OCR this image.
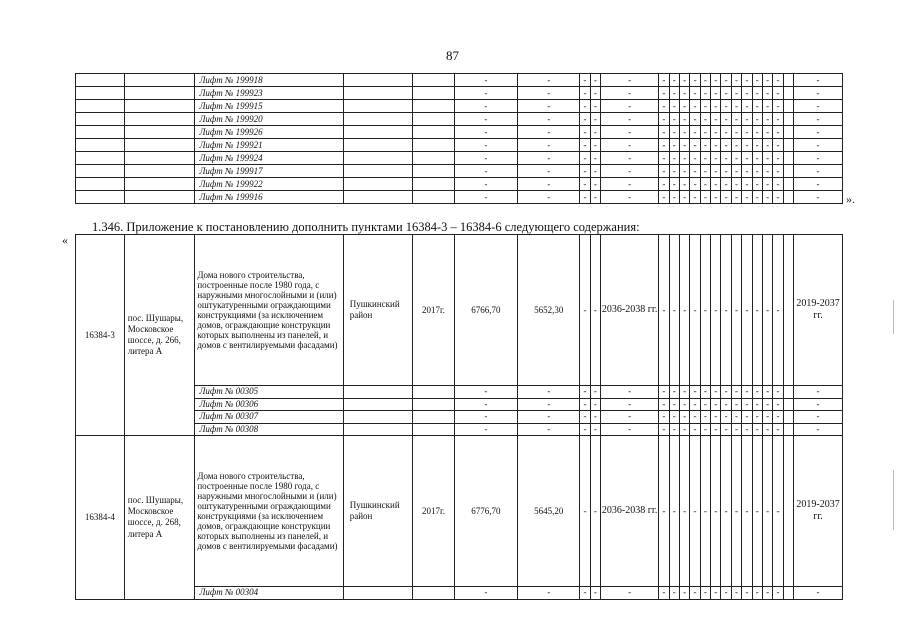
87
		Лифт № 199918			-	-	-	-	-	-	-	-	-	-	-	-	-	-	-	-	-		-
		Лифт № 199923			-	-	-	-	-	-	-	-	-	-	-	-	-	-	-	-	-		-
		Лифт № 199915			-	-	-	-	-	-	-	-	-	-	-	-	-	-	-	-	-		-
		Лифт № 199920			-	-	-	-	-	-	-	-	-	-	-	-	-	-	-	-	-		-
		Лифт № 199926			-	-	-	-	-	-	-	-	-	-	-	-	-	-	-	-	-		-
		Лифт № 199921			-	-	-	-	-	-	-	-	-	-	-	-	-	-	-	-	-		-
		Лифт № 199924			-	-	-	-	-	-	-	-	-	-	-	-	-	-	-	-	-		-
		Лифт № 199917			-	-	-	-	-	-	-	-	-	-	-	-	-	-	-	-	-		-
		Лифт № 199922			-	-	-	-	-	-	-	-	-	-	-	-	-	-	-	-	-		-
		Лифт № 199916			-	-	-	-	-	-	-	-	-	-	-	-	-	-	-	-	-		- ».
1.346. Приложение к постановлению дополнить пунктами 16384-3 – 16384-6 следующего содержания:
«
16384-3	пос. Шушары, Московское шоссе, д. 266, литера А	Дома нового строительства, построенные после 1980 года, с наружными многослойными и (или) оштукатуренными ограждающими конструкциями (за исключением домов, ограждающие конструкции которых выполнены из панелей, и домов с вентилируемыми фасадами)	Пушкинский район	2017г.	6766,70	5652,30	-	-	2036-2038 гг.	-	-	-	-	-	-	-	-	-	-	-	-		2019-2037 гг.
		Лифт № 00305			-	-	-	-	-	-	-	-	-	-	-	-	-	-	-	-	-		-
		Лифт № 00306			-	-	-	-	-	-	-	-	-	-	-	-	-	-	-	-	-		-
		Лифт № 00307			-	-	-	-	-	-	-	-	-	-	-	-	-	-	-	-	-		-
		Лифт № 00308			-	-	-	-	-	-	-	-	-	-	-	-	-	-	-	-	-		-
16384-4	пос. Шушары, Московское шоссе, д. 268, литера А	Дома нового строительства, построенные после 1980 года, с наружными многослойными и (или) оштукатуренными ограждающими конструкциями (за исключением домов, ограждающие конструкции которых выполнены из панелей, и домов с вентилируемыми фасадами)	Пушкинский район	2017г.	6776,70	5645,20	-	-	2036-2038 гг.	-	-	-	-	-	-	-	-	-	-	-	-		2019-2037 гг.
		Лифт № 00304			-	-	-	-	-	-	-	-	-	-	-	-	-	-	-	-	-		-
